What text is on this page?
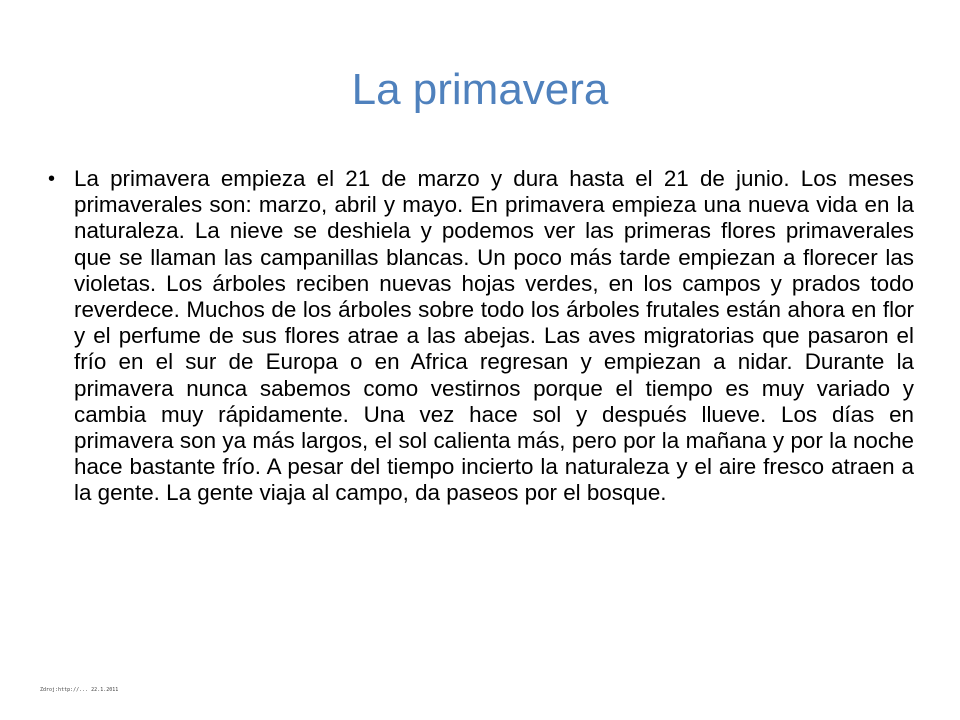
La primavera
• La primavera empieza el 21 de marzo y dura hasta el 21 de junio. Los meses primaverales son: marzo, abril y mayo. En primavera empieza una nueva vida en la naturaleza. La nieve se deshiela y podemos ver las primeras flores primaverales que se llaman las campanillas blancas. Un poco más tarde empiezan a florecer las violetas. Los árboles reciben nuevas hojas verdes, en los campos y prados todo reverdece. Muchos de los árboles sobre todo los árboles frutales están ahora en flor y el perfume de sus flores atrae a las abejas. Las aves migratorias que pasaron el frío en el sur de Europa o en Africa regresan y empiezan a nidar. Durante la primavera nunca sabemos como vestirnos porque el tiempo es muy variado y cambia muy rápidamente. Una vez hace sol y después llueve. Los días en primavera son ya más largos, el sol calienta más, pero por la mañana y por la noche hace bastante frío. A pesar del tiempo incierto la naturaleza y el aire fresco atraen a la gente. La gente viaja al campo, da paseos por el bosque.

Zdroj:http://... 22.1.2011
